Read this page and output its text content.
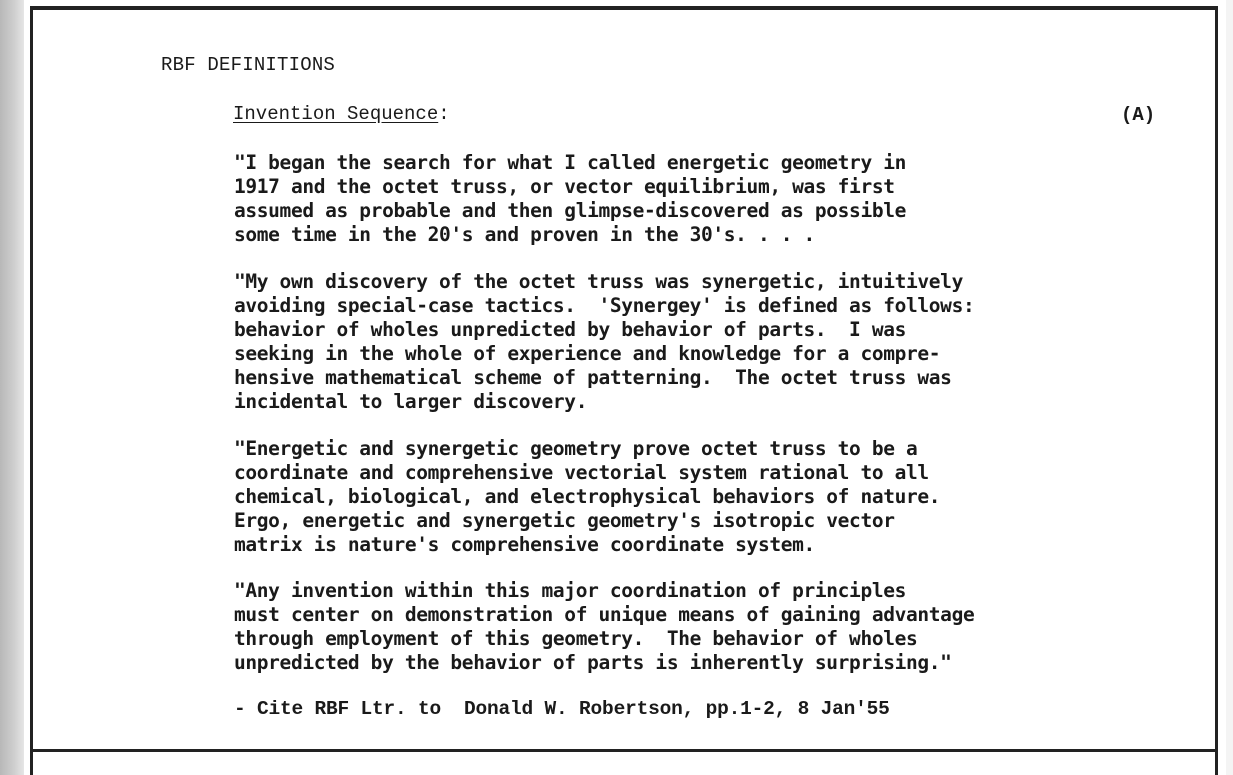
RBF DEFINITIONS
Invention Sequence:	(A)
"I began the search for what I called energetic geometry in
1917 and the octet truss, or vector equilibrium, was first
assumed as probable and then glimpse-discovered as possible
some time in the 20's and proven in the 30's. . . .
"My own discovery of the octet truss was synergetic, intuitively
avoiding special-case tactics.  'Synergey' is defined as follows:
behavior of wholes unpredicted by behavior of parts.  I was
seeking in the whole of experience and knowledge for a compre-
hensive mathematical scheme of patterning.  The octet truss was
incidental to larger discovery.
"Energetic and synergetic geometry prove octet truss to be a
coordinate and comprehensive vectorial system rational to all
chemical, biological, and electrophysical behaviors of nature.
Ergo, energetic and synergetic geometry's isotropic vector
matrix is nature's comprehensive coordinate system.
"Any invention within this major coordination of principles
must center on demonstration of unique means of gaining advantage
through employment of this geometry.  The behavior of wholes
unpredicted by the behavior of parts is inherently surprising."
- Cite RBF Ltr. to  Donald W. Robertson, pp.1-2, 8 Jan'55
